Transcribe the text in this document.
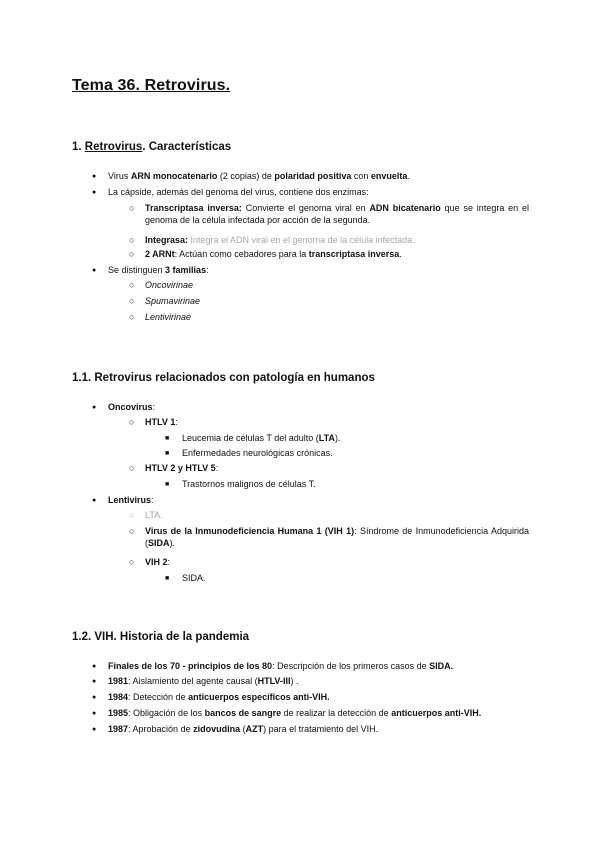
Tema 36. Retrovirus.
1. Retrovirus. Características
●
Virus ARN monocatenario (2 copias) de polaridad positiva con envuelta.
●
La cápside, además del genoma del virus, contiene dos enzimas:
○
Transcriptasa inversa: Convierte el genoma viral en ADN bicatenario que se integra en el genoma de la célula infectada por acción de la segunda.
○
Integrasa: Integra el ADN viral en el genoma de la célula infectada.
○
2 ARNt: Actúan como cebadores para la transcriptasa inversa.
●
Se distinguen 3 familias:
○
Oncovirinae
○
Spumavirinae
○
Lentivirinae
1.1. Retrovirus relacionados con patología en humanos
●
Oncovirus:
○
HTLV 1:
■
Leucemia de células T del adulto (LTA).
■
Enfermedades neurológicas crónicas.
○
HTLV 2 y HTLV 5:
■
Trastornos malignos de células T.
●
Lentivirus:
○
LTA.
○
Virus de la Inmunodeficiencia Humana 1 (VIH 1): Síndrome de Inmunodeficiencia Adquirida (SIDA).
○
VIH 2:
■
SIDA.
1.2. VIH. Historia de la pandemia
●
Finales de los 70 - principios de los 80: Descripción de los primeros casos de SIDA.
●
1981: Aislamiento del agente causal (HTLV-III) .
●
1984: Detección de anticuerpos específicos anti-VIH.
●
1985: Obligación de los bancos de sangre de realizar la detección de anticuerpos anti-VIH.
●
1987: Aprobación de zidovudina (AZT) para el tratamiento del VIH.
